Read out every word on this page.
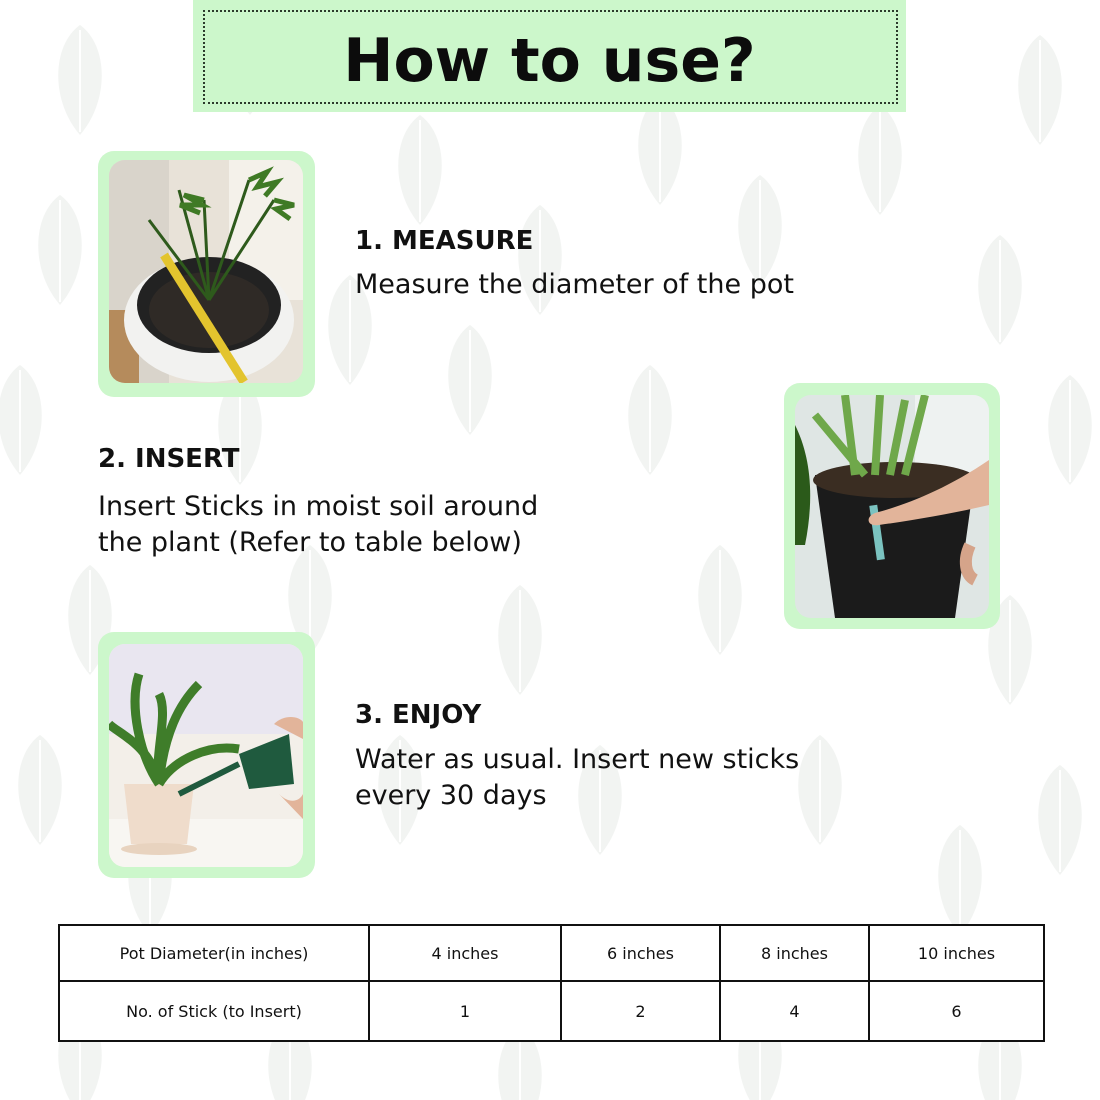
How to use?
1. MEASURE
Measure the diameter of the pot
2. INSERT
Insert Sticks in moist soil around
the plant (Refer to table below)
3. ENJOY
Water as usual. Insert new sticks
every 30 days
Pot Diameter(in inches)	4 inches	6 inches	8 inches	10 inches
No. of Stick (to Insert)	1	2	4	6
